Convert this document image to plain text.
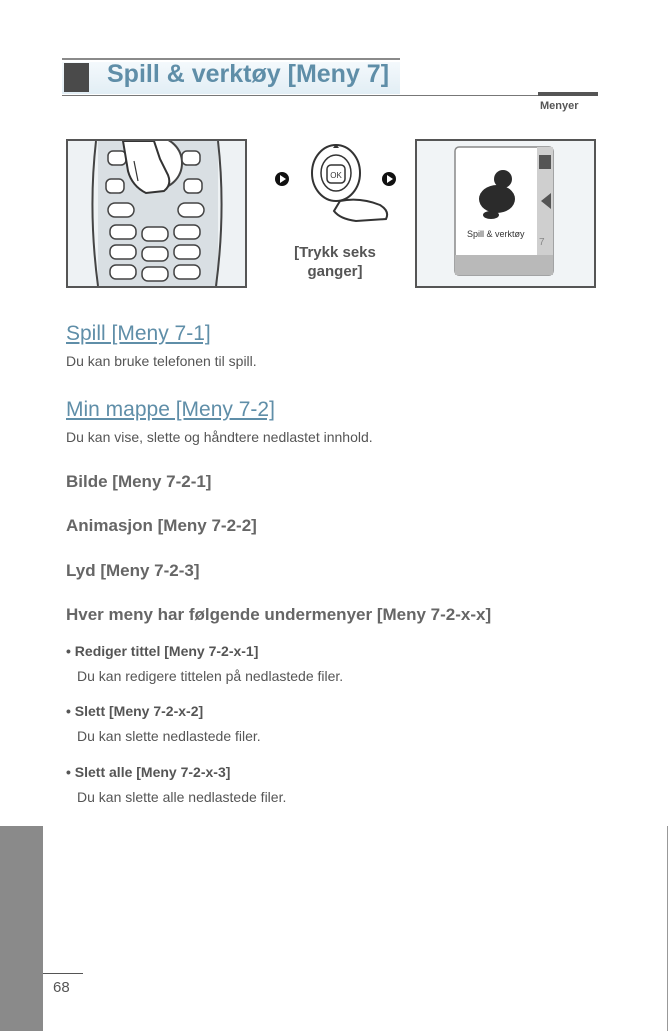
Spill & verktøy [Meny 7]
Menyer
OK
[Trykk seks
ganger]
Spill & verktøy
7
Spill [Meny 7-1]
Du kan bruke telefonen til spill.
Min mappe [Meny 7-2]
Du kan vise, slette og håndtere nedlastet innhold.
Bilde [Meny 7-2-1]
Animasjon [Meny 7-2-2]
Lyd [Meny 7-2-3]
Hver meny har følgende undermenyer [Meny 7-2-x-x]
• Rediger tittel [Meny 7-2-x-1]
Du kan redigere tittelen på nedlastede filer.
• Slett [Meny 7-2-x-2]
Du kan slette nedlastede filer.
• Slett alle [Meny 7-2-x-3]
Du kan slette alle nedlastede filer.
68
